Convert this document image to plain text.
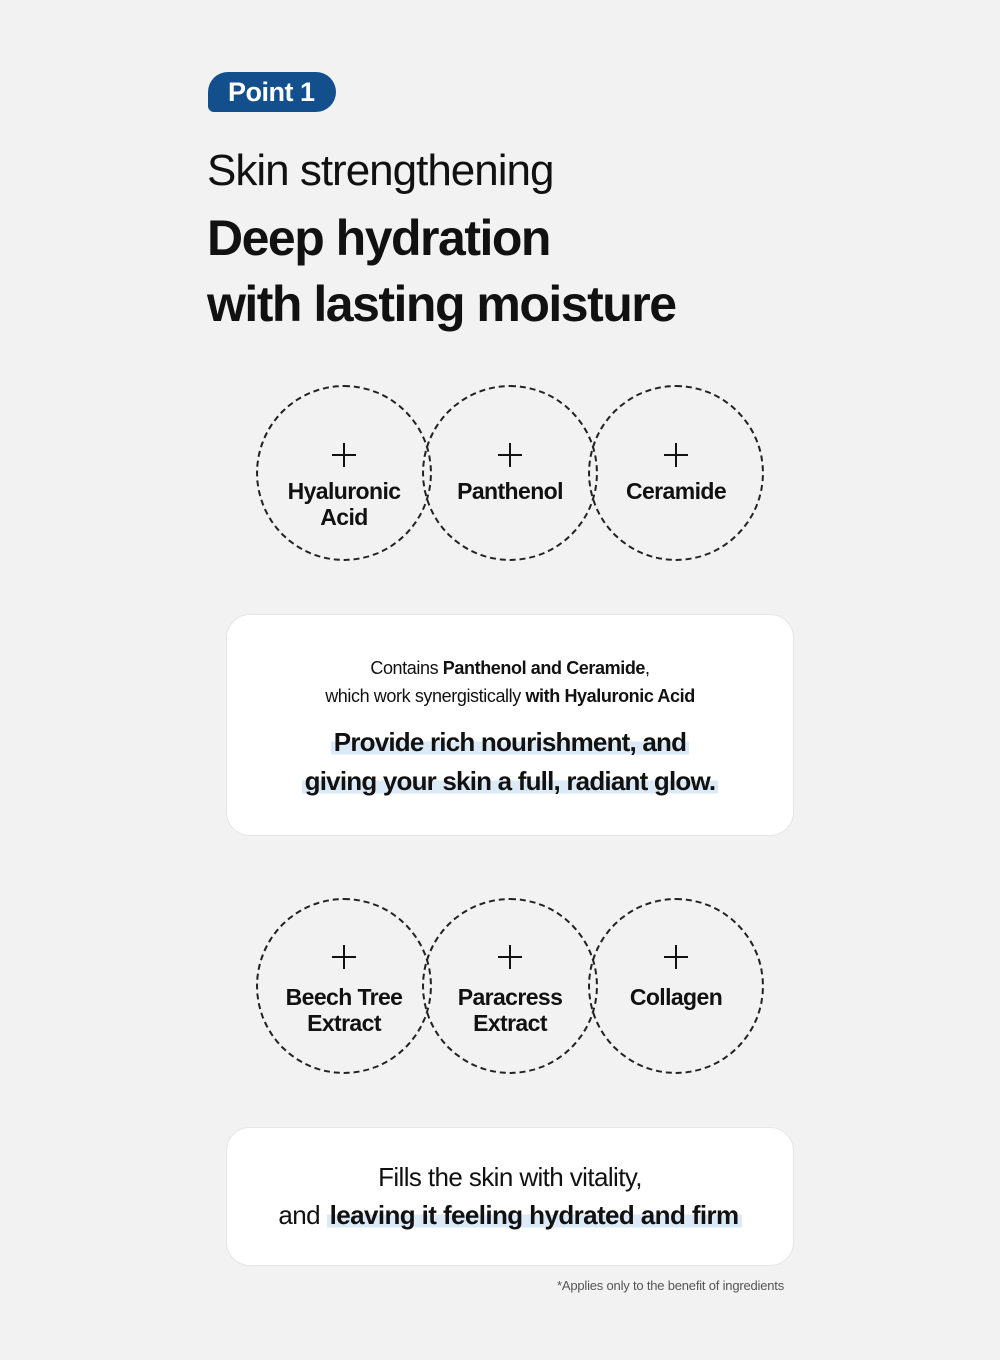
Point 1
Skin strengthening
Deep hydration
with lasting moisture
Hyaluronic
Acid
Panthenol	Ceramide
Contains Panthenol and Ceramide,
which work synergistically with Hyaluronic Acid
Provide rich nourishment, and
giving your skin a full, radiant glow.
Beech Tree
Extract
Paracress
Extract
Collagen
Fills the skin with vitality,
and leaving it feeling hydrated and firm
*Applies only to the benefit of ingredients
